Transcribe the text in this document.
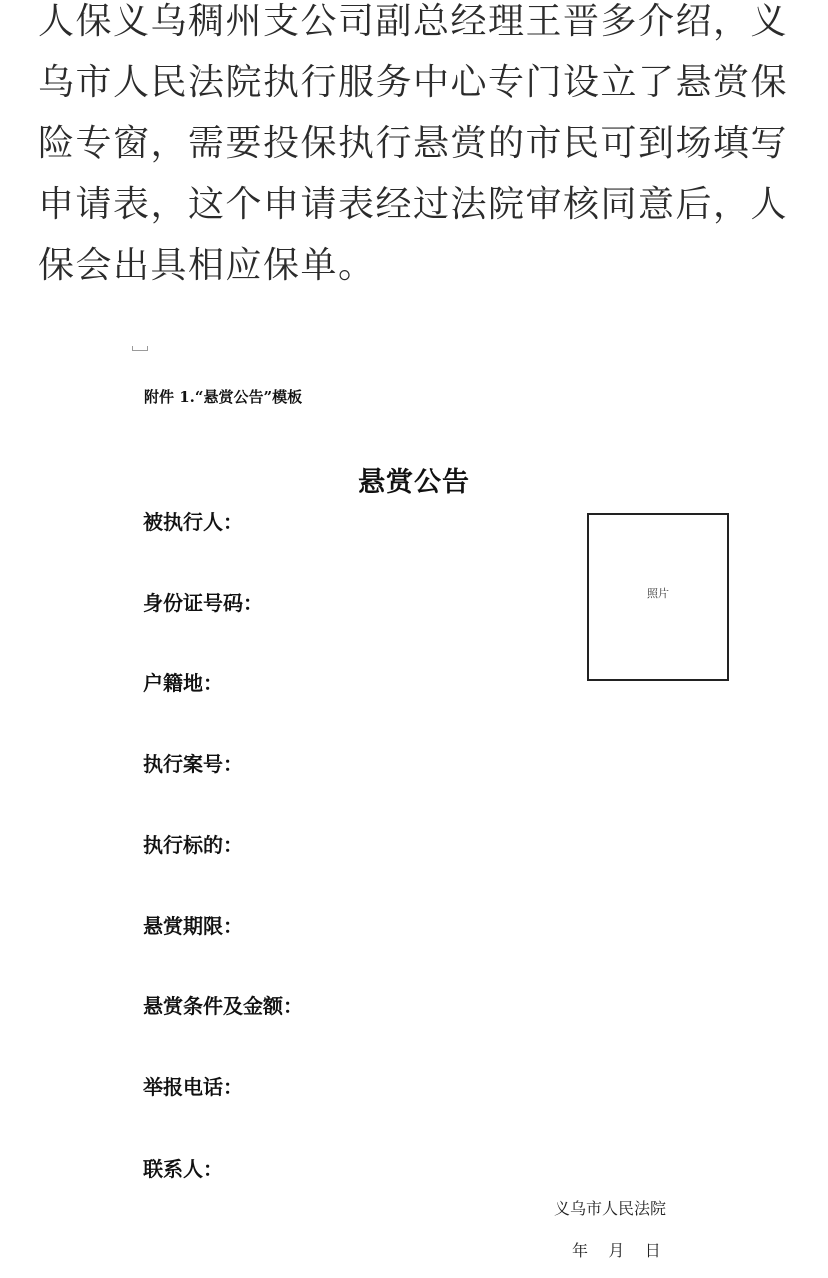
人保义乌稠州支公司副总经理王晋多介绍，义
乌市人民法院执行服务中心专门设立了悬赏保
险专窗，需要投保执行悬赏的市民可到场填写
申请表，这个申请表经过法院审核同意后，人
保会出具相应保单。
附件 1.“悬赏公告”模板
悬赏公告
被执行人：
身份证号码：
户籍地：
执行案号：
执行标的：
悬赏期限：
悬赏条件及金额：
举报电话：
联系人：
照片
义乌市人民法院
年    月    日
